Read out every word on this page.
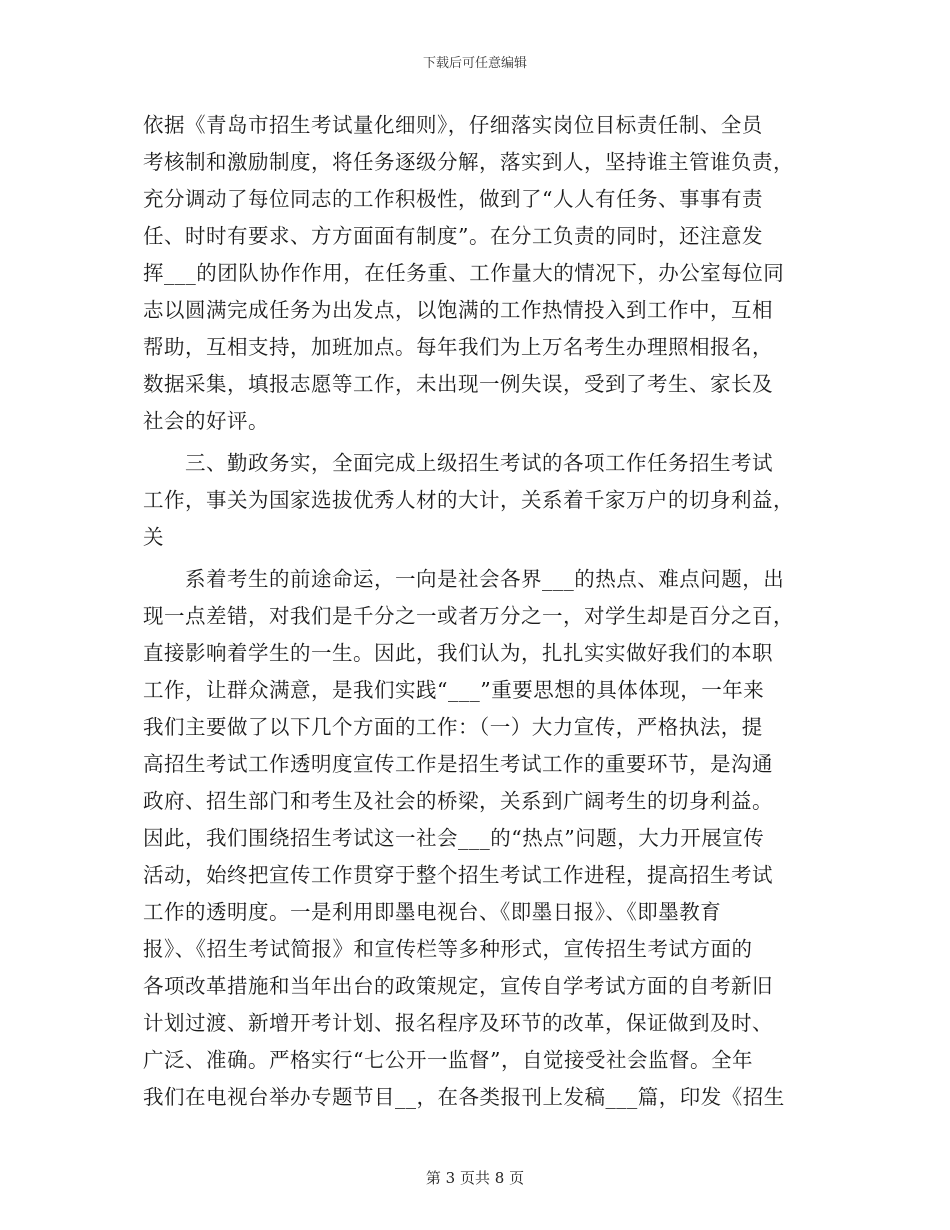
下载后可任意编辑
依据《青岛市招生考试量化细则》，仔细落实岗位目标责任制、全员
考核制和激励制度，将任务逐级分解，落实到人，坚持谁主管谁负责，
充分调动了每位同志的工作积极性，做到了“人人有任务、事事有责
任、时时有要求、方方面面有制度”。在分工负责的同时，还注意发
挥___的团队协作作用，在任务重、工作量大的情况下，办公室每位同
志以圆满完成任务为出发点，以饱满的工作热情投入到工作中，互相
帮助，互相支持，加班加点。每年我们为上万名考生办理照相报名，
数据采集，填报志愿等工作，未出现一例失误，受到了考生、家长及
社会的好评。
　　三、勤政务实，全面完成上级招生考试的各项工作任务招生考试
工作，事关为国家选拔优秀人材的大计，关系着千家万户的切身利益，
关
　　系着考生的前途命运，一向是社会各界___的热点、难点问题，出
现一点差错，对我们是千分之一或者万分之一，对学生却是百分之百，
直接影响着学生的一生。因此，我们认为，扎扎实实做好我们的本职
工作，让群众满意，是我们实践“___”重要思想的具体体现，一年来
我们主要做了以下几个方面的工作：（一）大力宣传，严格执法，提
高招生考试工作透明度宣传工作是招生考试工作的重要环节，是沟通
政府、招生部门和考生及社会的桥梁，关系到广阔考生的切身利益。
因此，我们围绕招生考试这一社会___的“热点”问题，大力开展宣传
活动，始终把宣传工作贯穿于整个招生考试工作进程，提高招生考试
工作的透明度。一是利用即墨电视台、《即墨日报》、《即墨教育
报》、《招生考试简报》和宣传栏等多种形式，宣传招生考试方面的
各项改革措施和当年出台的政策规定，宣传自学考试方面的自考新旧
计划过渡、新增开考计划、报名程序及环节的改革，保证做到及时、
广泛、准确。严格实行“七公开一监督”，自觉接受社会监督。全年
我们在电视台举办专题节目__，在各类报刊上发稿___篇，印发《招生
第 3 页共 8 页
